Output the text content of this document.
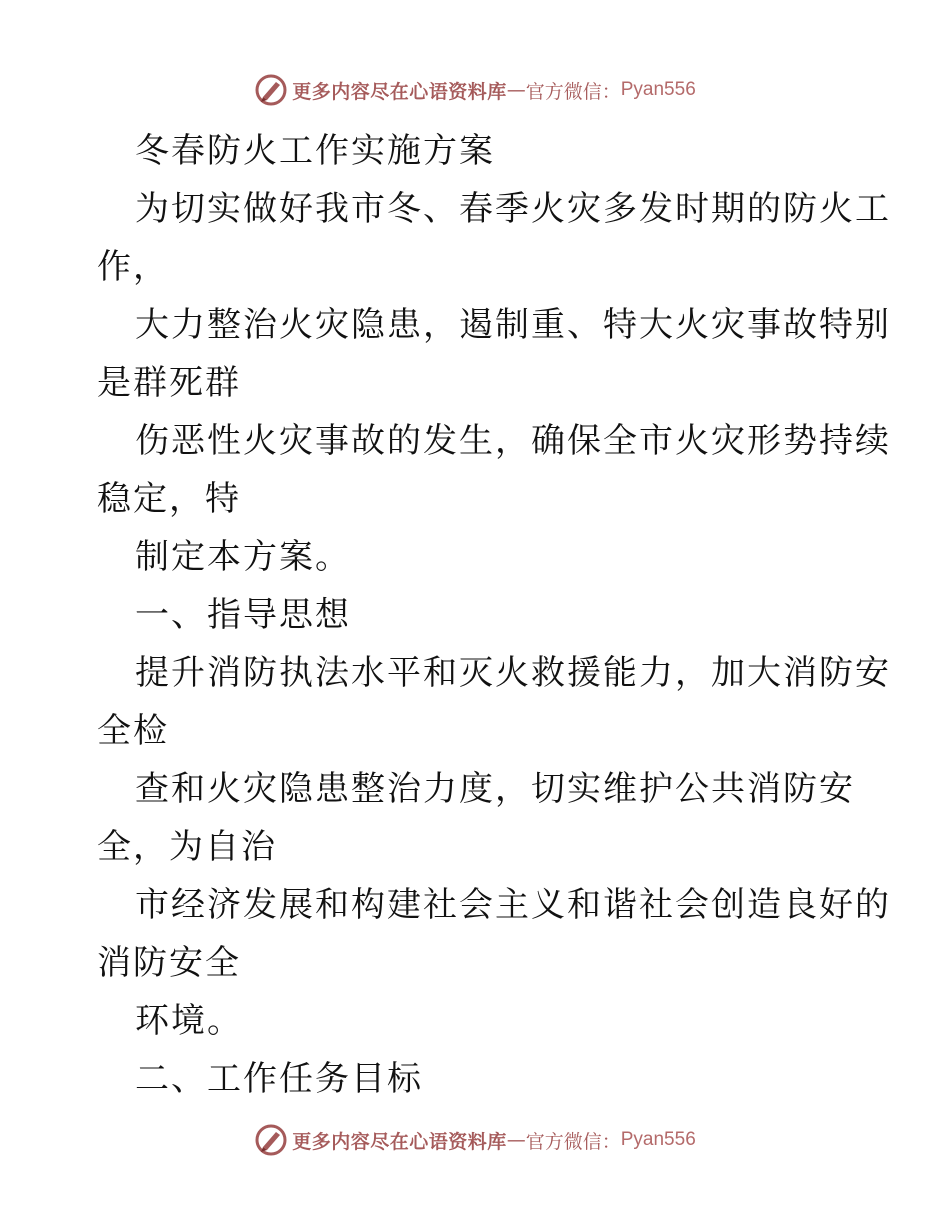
更多内容尽在心语资料库 — 官方微信： Pyan556
冬春防火工作实施方案
为切实做好我市冬、春季火灾多发时期的防火工
作，
大力整治火灾隐患，遏制重、特大火灾事故特别
是群死群
伤恶性火灾事故的发生，确保全市火灾形势持续
稳定，特
制定本方案。
一、指导思想
提升消防执法水平和灭火救援能力，加大消防安
全检
查和火灾隐患整治力度，切实维护公共消防安
全，为自治
市经济发展和构建社会主义和谐社会创造良好的
消防安全
环境。
二、工作任务目标
更多内容尽在心语资料库 — 官方微信： Pyan556
